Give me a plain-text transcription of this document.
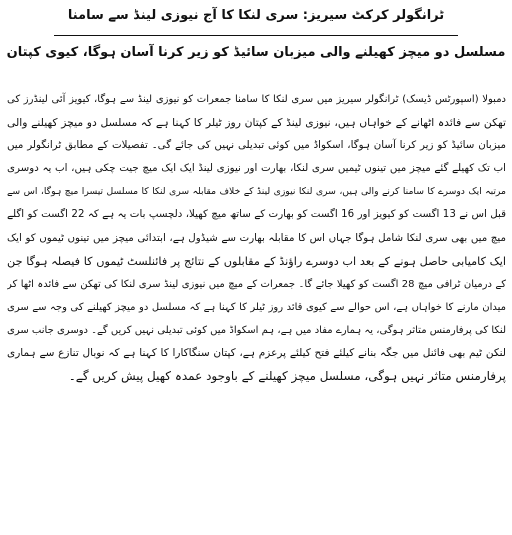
ٹرانگولر کرکٹ سیریز: سری لنکا کا آج نیوزی لینڈ سے سامنا
مسلسل دو میچز کھیلنے والی میزبان سائیڈ کو زیر کرنا آسان ہوگا، کیوی کپتان
دمبولا (اسپورٹس ڈیسک) ٹرانگولر سیریز میں سری لنکا کا سامنا جمعرات کو نیوزی لینڈ سے ہوگا، کیویز آئی لینڈرز کی
تھکن سے فائدہ اٹھانے کے خواہاں ہیں، نیوزی لینڈ کے کپتان روز ٹیلر کا کہنا ہے کہ مسلسل دو میچز کھیلنے والی
میزبان سائیڈ کو زیر کرنا آسان ہوگا، اسکواڈ میں کوئی تبدیلی نہیں کی جائے گی۔ تفصیلات کے مطابق ٹرانگولر میں
اب تک کھیلے گئے میچز میں تینوں ٹیمیں سری لنکا، بھارت اور نیوزی لینڈ ایک ایک میچ جیت چکی ہیں، اب یہ دوسری
مرتبہ ایک دوسرے کا سامنا کرنے والی ہیں، سری لنکا نیوزی لینڈ کے خلاف مقابلہ سری لنکا کا مسلسل تیسرا میچ ہوگا، اس سے
قبل اس نے 13 اگست کو کیویز اور 16 اگست کو بھارت کے ساتھ میچ کھیلا، دلچسپ بات یہ ہے کہ 22 اگست کو اگلے
میچ میں بھی سری لنکا شامل ہوگا جہاں اس کا مقابلہ بھارت سے شیڈول ہے، ابتدائی میچز میں تینوں ٹیموں کو ایک
ایک کامیابی حاصل ہونے کے بعد اب دوسرے راؤنڈ کے مقابلوں کے نتائج پر فائنلسٹ ٹیموں کا فیصلہ ہوگا جن
کے درمیان ٹرافی میچ 28 اگست کو کھیلا جائے گا۔ جمعرات کے میچ میں نیوزی لینڈ سری لنکا کی تھکن سے فائدہ اٹھا کر
میدان مارنے کا خواہاں ہے، اس حوالے سے کیوی قائد روز ٹیلر کا کہنا ہے کہ مسلسل دو میچز کھیلنے کی وجہ سے سری
لنکا کی پرفارمنس متاثر ہوگی، یہ ہمارے مفاد میں ہے، ہم اسکواڈ میں کوئی تبدیلی نہیں کریں گے۔ دوسری جانب سری
لنکن ٹیم بھی فائنل میں جگہ بنانے کیلئے فتح کیلئے پرعزم ہے، کپتان سنگاکارا کا کہنا ہے کہ نوبال تنازع سے ہماری
پرفارمنس متاثر نہیں ہوگی، مسلسل میچز کھیلنے کے باوجود عمدہ کھیل پیش کریں گے۔
